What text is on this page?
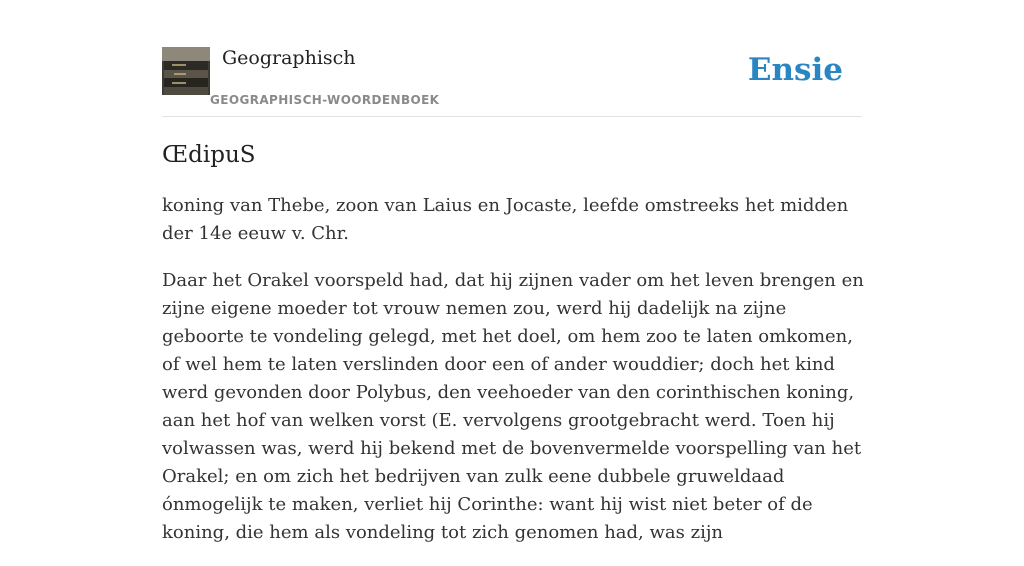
Geographisch
GEOGRAPHISCH-WOORDENBOEK
Ensie
ŒdipuS

koning van Thebe, zoon van Laius en Jocaste, leefde omstreeks het midden der 14e eeuw v. Chr.

Daar het Orakel voorspeld had, dat hij zijnen vader om het leven brengen en zijne eigene moeder tot vrouw nemen zou, werd hij dadelijk na zijne geboorte te vondeling gelegd, met het doel, om hem zoo te laten omkomen, of wel hem te laten verslinden door een of ander wouddier; doch het kind werd gevonden door Polybus, den veehoeder van den corinthischen koning, aan het hof van welken vorst (E. vervolgens grootgebracht werd. Toen hij volwassen was, werd hij bekend met de bovenvermelde voorspelling van het Orakel; en om zich het bedrijven van zulk eene dubbele gruweldaad ónmogelijk te maken, verliet hij Corinthe: want hij wist niet beter of de koning, die hem als vondeling tot zich genomen had, was zijn
